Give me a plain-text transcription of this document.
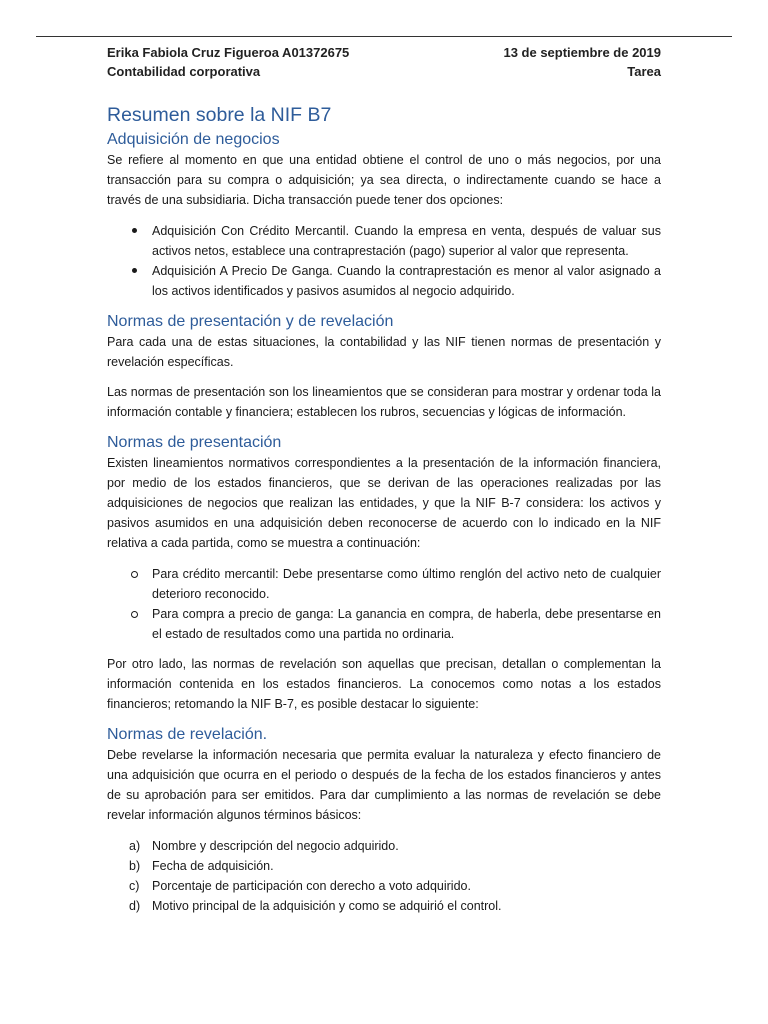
Erika Fabiola Cruz Figueroa A01372675	13 de septiembre de 2019
Contabilidad corporativa	Tarea
Resumen sobre la NIF B7
Adquisición de negocios

Se refiere al momento en que una entidad obtiene el control de uno o más negocios, por una transacción para su compra o adquisición; ya sea directa, o indirectamente cuando se hace a través de una subsidiaria. Dicha transacción puede tener dos opciones:

Adquisición Con Crédito Mercantil. Cuando la empresa en venta, después de valuar sus activos netos, establece una contraprestación (pago) superior al valor que representa.
Adquisición A Precio De Ganga. Cuando la contraprestación es menor al valor asignado a los activos identificados y pasivos asumidos al negocio adquirido.
Normas de presentación y de revelación

Para cada una de estas situaciones, la contabilidad y las NIF tienen normas de presentación y revelación específicas.

Las normas de presentación son los lineamientos que se consideran para mostrar y ordenar toda la información contable y financiera; establecen los rubros, secuencias y lógicas de información.

Normas de presentación

Existen lineamientos normativos correspondientes a la presentación de la información financiera, por medio de los estados financieros, que se derivan de las operaciones realizadas por las adquisiciones de negocios que realizan las entidades, y que la NIF B-7 considera: los activos y pasivos asumidos en una adquisición deben reconocerse de acuerdo con lo indicado en la NIF relativa a cada partida, como se muestra a continuación:

Para crédito mercantil: Debe presentarse como último renglón del activo neto de cualquier deterioro reconocido.
Para compra a precio de ganga: La ganancia en compra, de haberla, debe presentarse en el estado de resultados como una partida no ordinaria.

Por otro lado, las normas de revelación son aquellas que precisan, detallan o complementan la información contenida en los estados financieros. La conocemos como notas a los estados financieros; retomando la NIF B-7, es posible destacar lo siguiente:

Normas de revelación.

Debe revelarse la información necesaria que permita evaluar la naturaleza y efecto financiero de una adquisición que ocurra en el periodo o después de la fecha de los estados financieros y antes de su aprobación para ser emitidos. Para dar cumplimiento a las normas de revelación se debe revelar información algunos términos básicos:

a) Nombre y descripción del negocio adquirido.
b) Fecha de adquisición.
c)	Porcentaje de participación con derecho a voto adquirido.
d) Motivo principal de la adquisición y como se adquirió el control.
